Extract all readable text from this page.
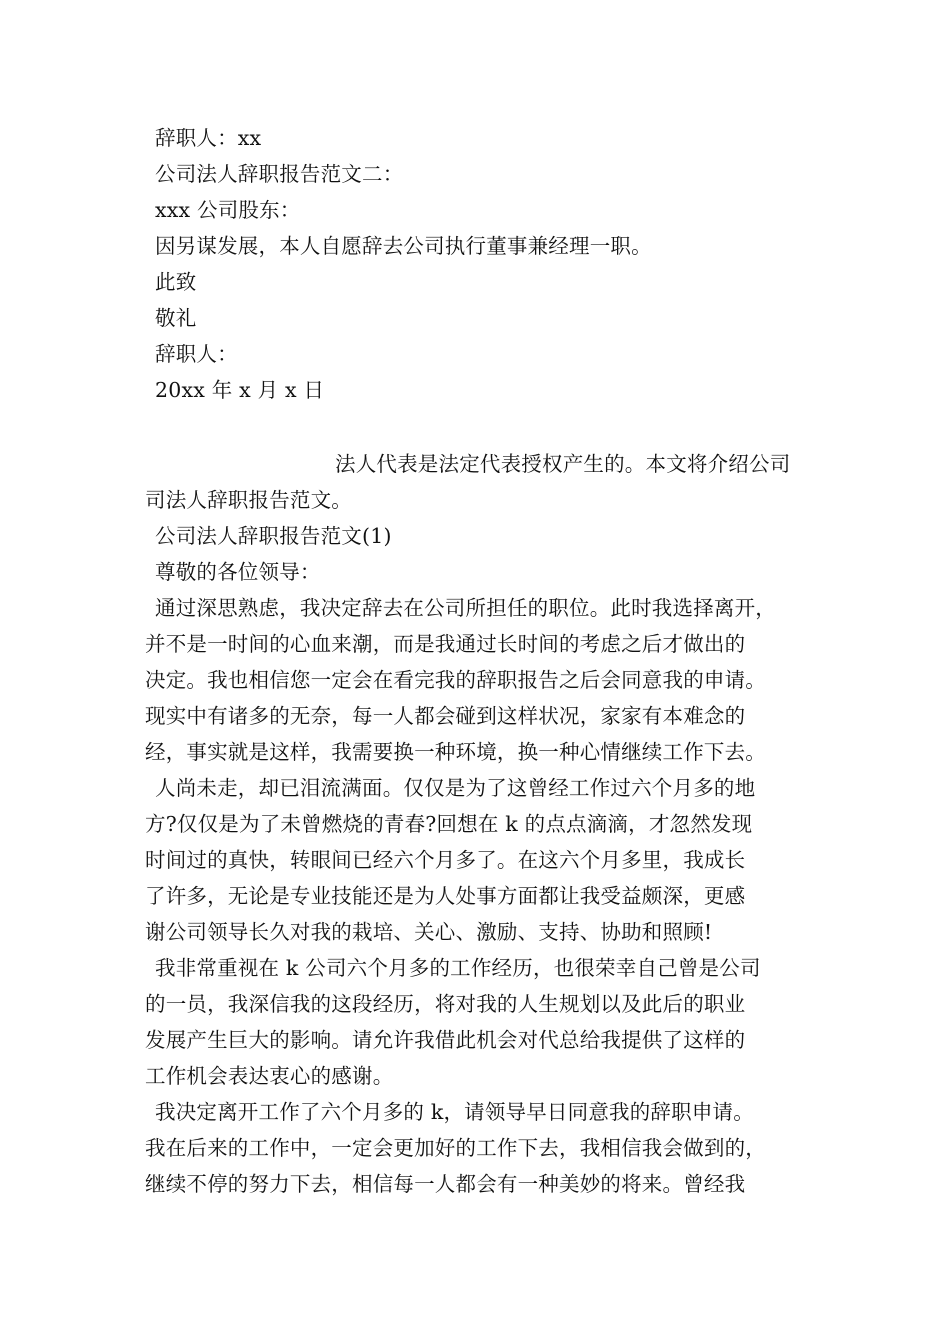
辞职人：xx
公司法人辞职报告范文二：
xxx 公司股东：
因另谋发展，本人自愿辞去公司执行董事兼经理一职。
此致
敬礼
辞职人：
20xx 年 x 月 x 日
法人代表是法定代表授权产生的。本文将介绍公司
司法人辞职报告范文。
公司法人辞职报告范文(1)
尊敬的各位领导：
通过深思熟虑，我决定辞去在公司所担任的职位。此时我选择离开，
并不是一时间的心血来潮，而是我通过长时间的考虑之后才做出的
决定。我也相信您一定会在看完我的辞职报告之后会同意我的申请。
现实中有诸多的无奈，每一人都会碰到这样状况，家家有本难念的
经，事实就是这样，我需要换一种环境，换一种心情继续工作下去。
人尚未走，却已泪流满面。仅仅是为了这曾经工作过六个月多的地
方?仅仅是为了未曾燃烧的青春?回想在 k 的点点滴滴，才忽然发现
时间过的真快，转眼间已经六个月多了。在这六个月多里，我成长
了许多，无论是专业技能还是为人处事方面都让我受益颇深，更感
谢公司领导长久对我的栽培、关心、激励、支持、协助和照顾!
我非常重视在 k 公司六个月多的工作经历，也很荣幸自己曾是公司
的一员，我深信我的这段经历，将对我的人生规划以及此后的职业
发展产生巨大的影响。请允许我借此机会对代总给我提供了这样的
工作机会表达衷心的感谢。
我决定离开工作了六个月多的 k，请领导早日同意我的辞职申请。
我在后来的工作中，一定会更加好的工作下去，我相信我会做到的，
继续不停的努力下去，相信每一人都会有一种美妙的将来。曾经我
